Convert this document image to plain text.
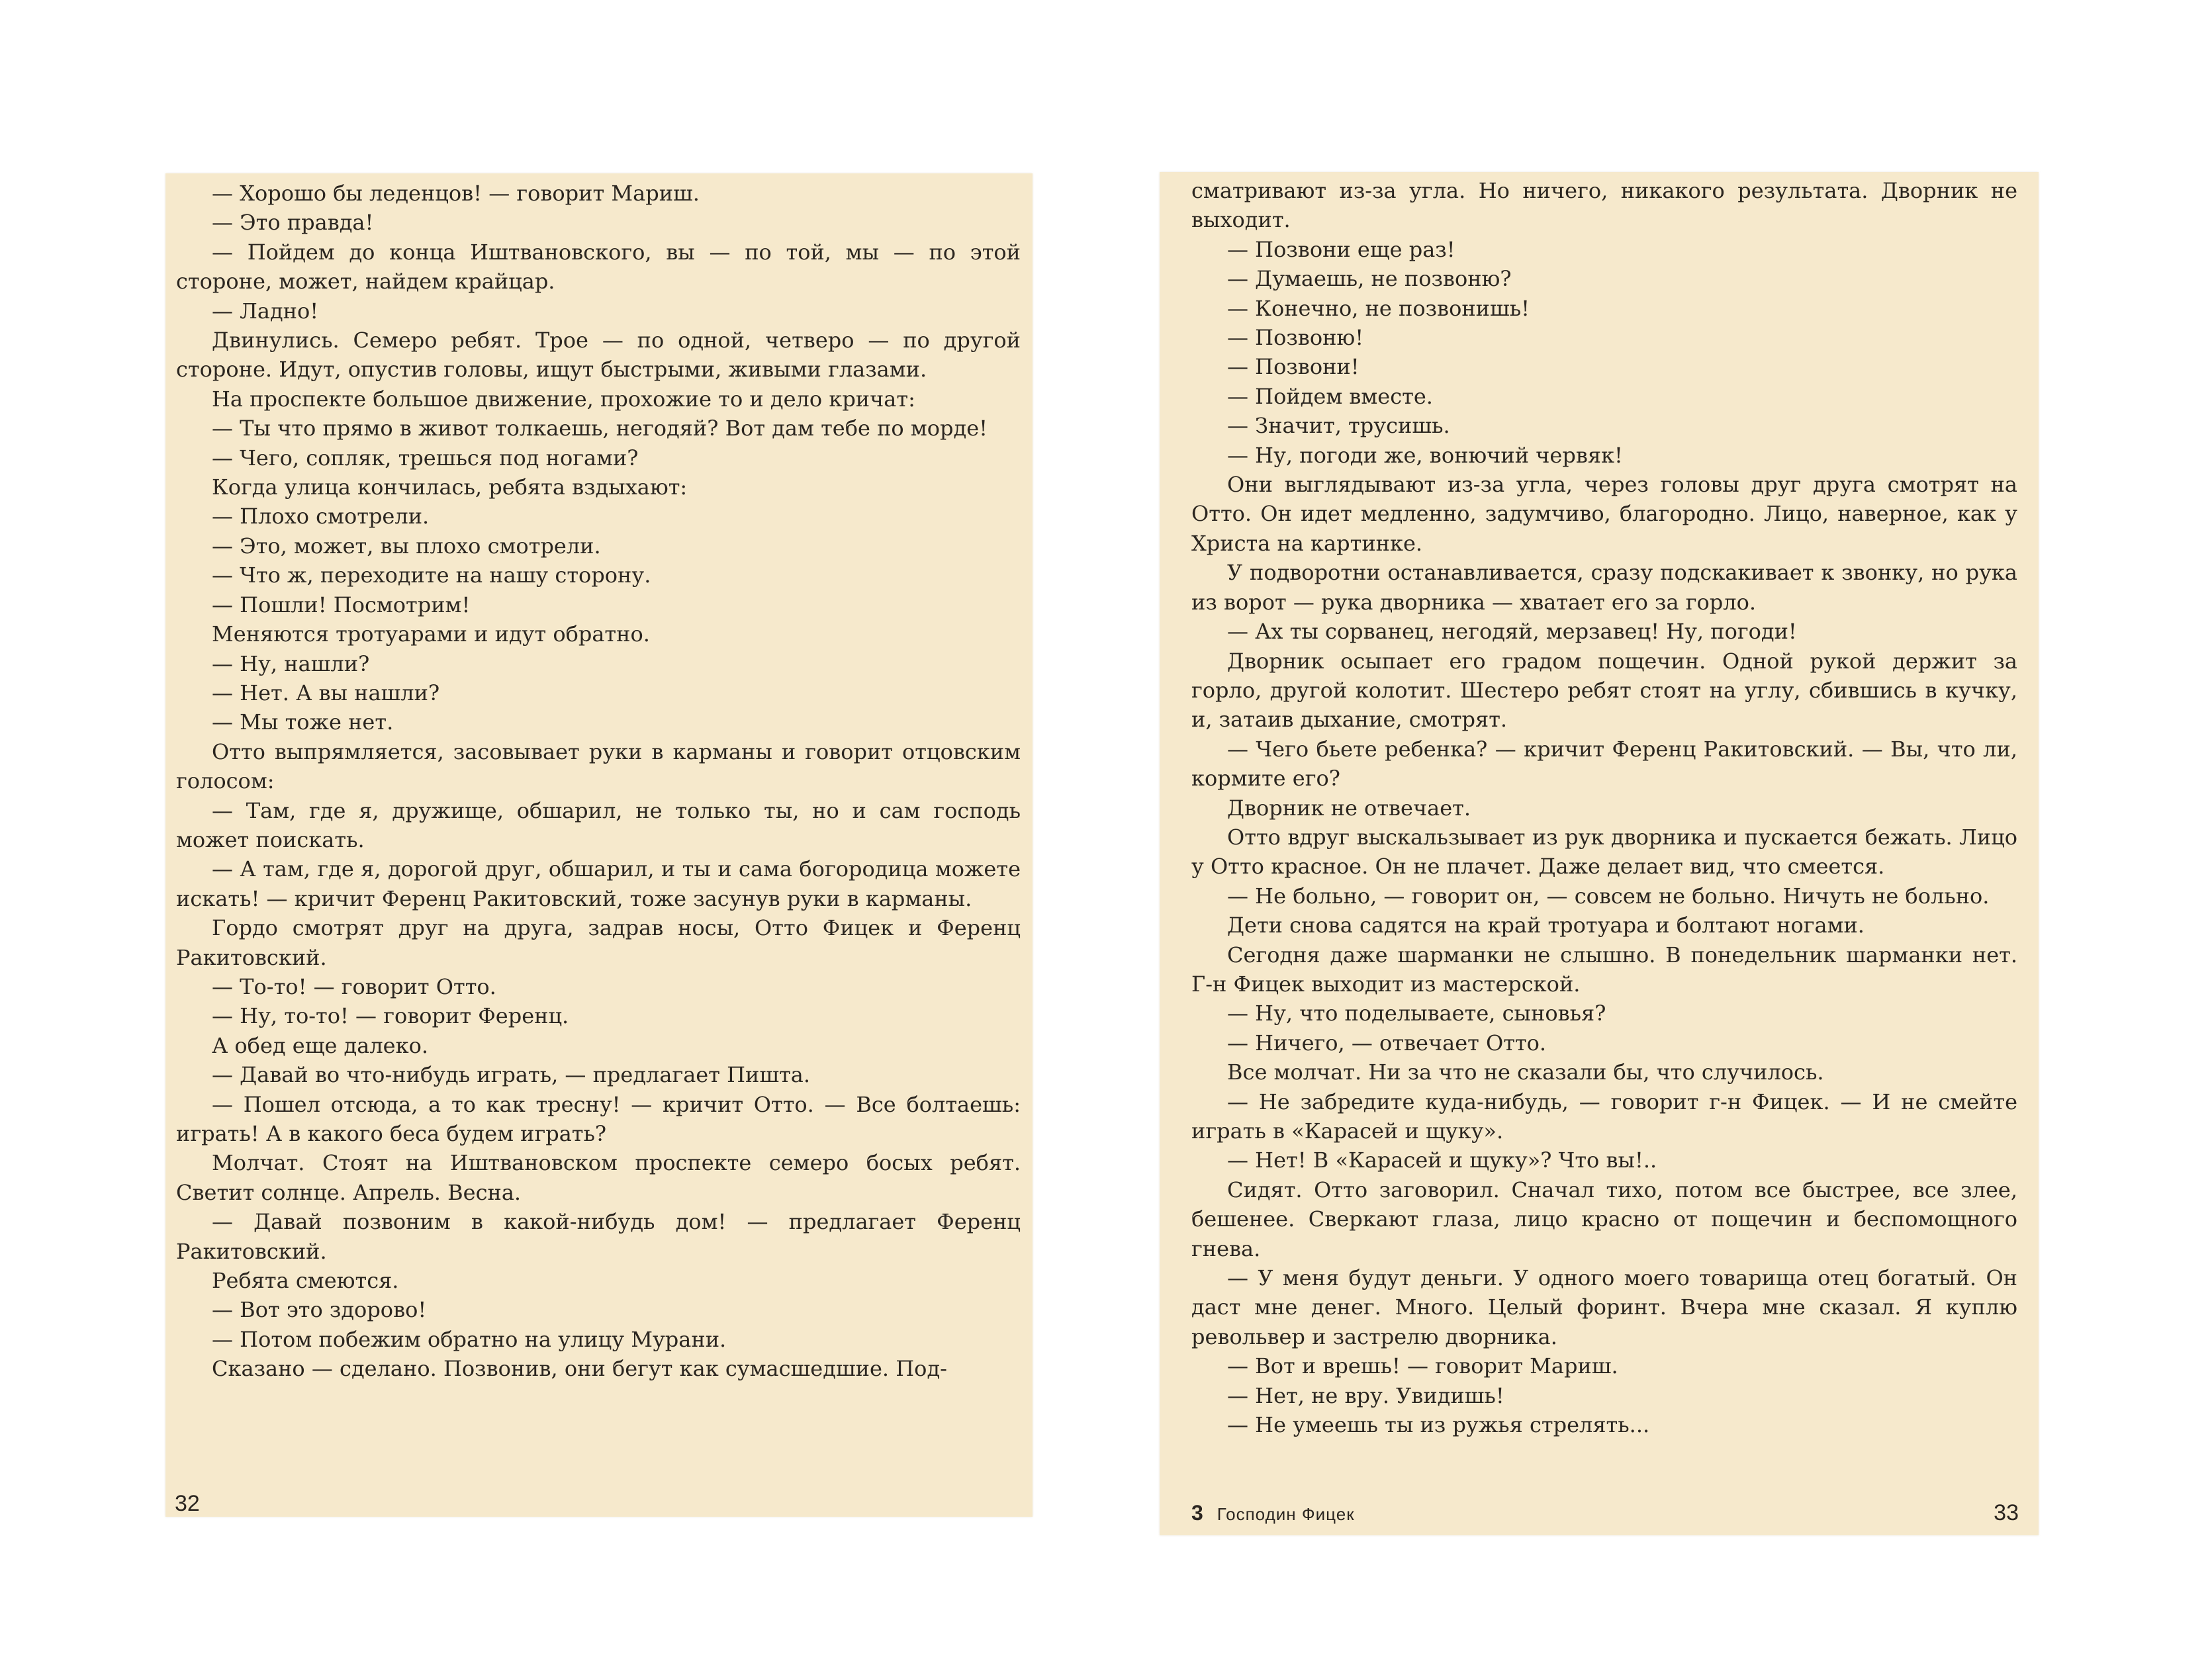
— Хорошо бы леденцов! — говорит Мариш.

— Это правда!

— Пойдем до конца Иштвановского, вы — по той, мы — по этой стороне, может, найдем крайцар.

— Ладно!

Двинулись. Семеро ребят. Трое — по одной, четверо — по другой стороне. Идут, опустив головы, ищут быстрыми, живыми глазами.

На проспекте большое движение, прохожие то и дело кричат:

— Ты что прямо в живот толкаешь, негодяй? Вот дам тебе по морде!

— Чего, сопляк, трешься под ногами?

Когда улица кончилась, ребята вздыхают:

— Плохо смотрели.

— Это, может, вы плохо смотрели.

— Что ж, переходите на нашу сторону.

— Пошли! Посмотрим!

Меняются тротуарами и идут обратно.

— Ну, нашли?

— Нет. А вы нашли?

— Мы тоже нет.

Отто выпрямляется, засовывает руки в карманы и говорит отцовским голосом:

— Там, где я, дружище, обшарил, не только ты, но и сам господь может поискать.

— А там, где я, дорогой друг, обшарил, и ты и сама богородица можете искать! — кричит Ференц Ракитовский, тоже засунув руки в карманы.

Гордо смотрят друг на друга, задрав носы, Отто Фицек и Ференц Ракитовский.

— То-то! — говорит Отто.

— Ну, то-то! — говорит Ференц.

А обед еще далеко.

— Давай во что-нибудь играть, — предлагает Пишта.

— Пошел отсюда, а то как тресну! — кричит Отто. — Все болтаешь: играть! А в какого беса будем играть?

Молчат. Стоят на Иштвановском проспекте семеро босых ребят. Светит солнце. Апрель. Весна.

— Давай позвоним в какой-нибудь дом! — предлагает Ференц Ракитовский.

Ребята смеются.

— Вот это здорово!

— Потом побежим обратно на улицу Мурани.

Сказано — сделано. Позвонив, они бегут как сумасшедшие. Под-

32

сматривают из-за угла. Но ничего, никакого результата. Дворник не выходит.

— Позвони еще раз!

— Думаешь, не позвоню?

— Конечно, не позвонишь!

— Позвоню!

— Позвони!

— Пойдем вместе.

— Значит, трусишь.

— Ну, погоди же, вонючий червяк!

Они выглядывают из-за угла, через головы друг друга смотрят на Отто. Он идет медленно, задумчиво, благородно. Лицо, наверное, как у Христа на картинке.

У подворотни останавливается, сразу подскакивает к звонку, но рука из ворот — рука дворника — хватает его за горло.

— Ах ты сорванец, негодяй, мерзавец! Ну, погоди!

Дворник осыпает его градом пощечин. Одной рукой держит за горло, другой колотит. Шестеро ребят стоят на углу, сбившись в кучку, и, затаив дыхание, смотрят.

— Чего бьете ребенка? — кричит Ференц Ракитовский. — Вы, что ли, кормите его?

Дворник не отвечает.

Отто вдруг выскальзывает из рук дворника и пускается бежать. Лицо у Отто красное. Он не плачет. Даже делает вид, что смеется.

— Не больно, — говорит он, — совсем не больно. Ничуть не больно.

Дети снова садятся на край тротуара и болтают ногами.

Сегодня даже шарманки не слышно. В понедельник шарманки нет. Г-н Фицек выходит из мастерской.

— Ну, что поделываете, сыновья?

— Ничего, — отвечает Отто.

Все молчат. Ни за что не сказали бы, что случилось.

— Не забредите куда-нибудь, — говорит г-н Фицек. — И не смейте играть в «Карасей и щуку».

— Нет! В «Карасей и щуку»? Что вы!..

Сидят. Отто заговорил. Сначал тихо, потом все быстрее, все злее, бешенее. Сверкают глаза, лицо красно от пощечин и беспомощного гнева.

— У меня будут деньги. У одного моего товарища отец богатый. Он даст мне денег. Много. Целый форинт. Вчера мне сказал. Я куплю револьвер и застрелю дворника.

— Вот и врешь! — говорит Мариш.

— Нет, не вру. Увидишь!

— Не умеешь ты из ружья стрелять...

3 Господин Фицек	33
